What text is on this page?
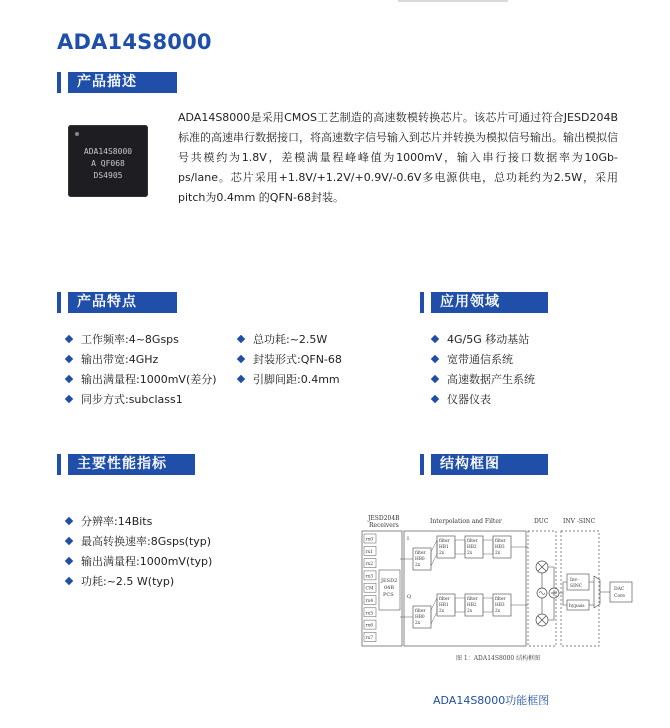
ADA14S8000
产品描述
ADA14S8000
A QF068
DS4905
ADA14S8000是采用CMOS工艺制造的高速数模转换芯片。该芯片可通过符合JESD204B标准的高速串行数据接口，将高速数字信号输入到芯片并转换为模拟信号输出。输出模拟信号共模约为1.8V，差模满量程峰峰值为1000mV，输入串行接口数据率为10Gb-ps/lane。芯片采用+1.8V/+1.2V/+0.9V/-0.6V多电源供电，总功耗约为2.5W，采用pitch为0.4mm 的QFN-68封装。
产品特点
工作频率:4~8Gsps
输出带宽:4GHz
输出满量程:1000mV(差分)
同步方式:subclass1
总功耗:~2.5W
封装形式:QFN-68
引脚间距:0.4mm
应用领域
4G/5G 移动基站
宽带通信系统
高速数据产生系统
仪器仪表
主要性能指标
分辨率:14Bits
最高转换速率:8Gsps(typ)
输出满量程:1000mV(typ)
功耗:~2.5 W(typ)
结构框图
JESD204B
Receivers
Interpolation and Filter	DUC INV -SINC
rx0
rx1
rx2
rx3
CM
rx4
rx5
rx6
rx7
JESD2
04B
PCS
I
Q
filter
HB0
2x
filter
HB1
2x
filter
HB2
2x
filter
HB3
2x
filter
HB0
2x
filter
HB1
2x
filter
HB2
2x
filter
HB3
2x
Inv-
SINC
bypass
DAC
Core
图 1：ADA14S8000 结构框图
ADA14S8000功能框图
